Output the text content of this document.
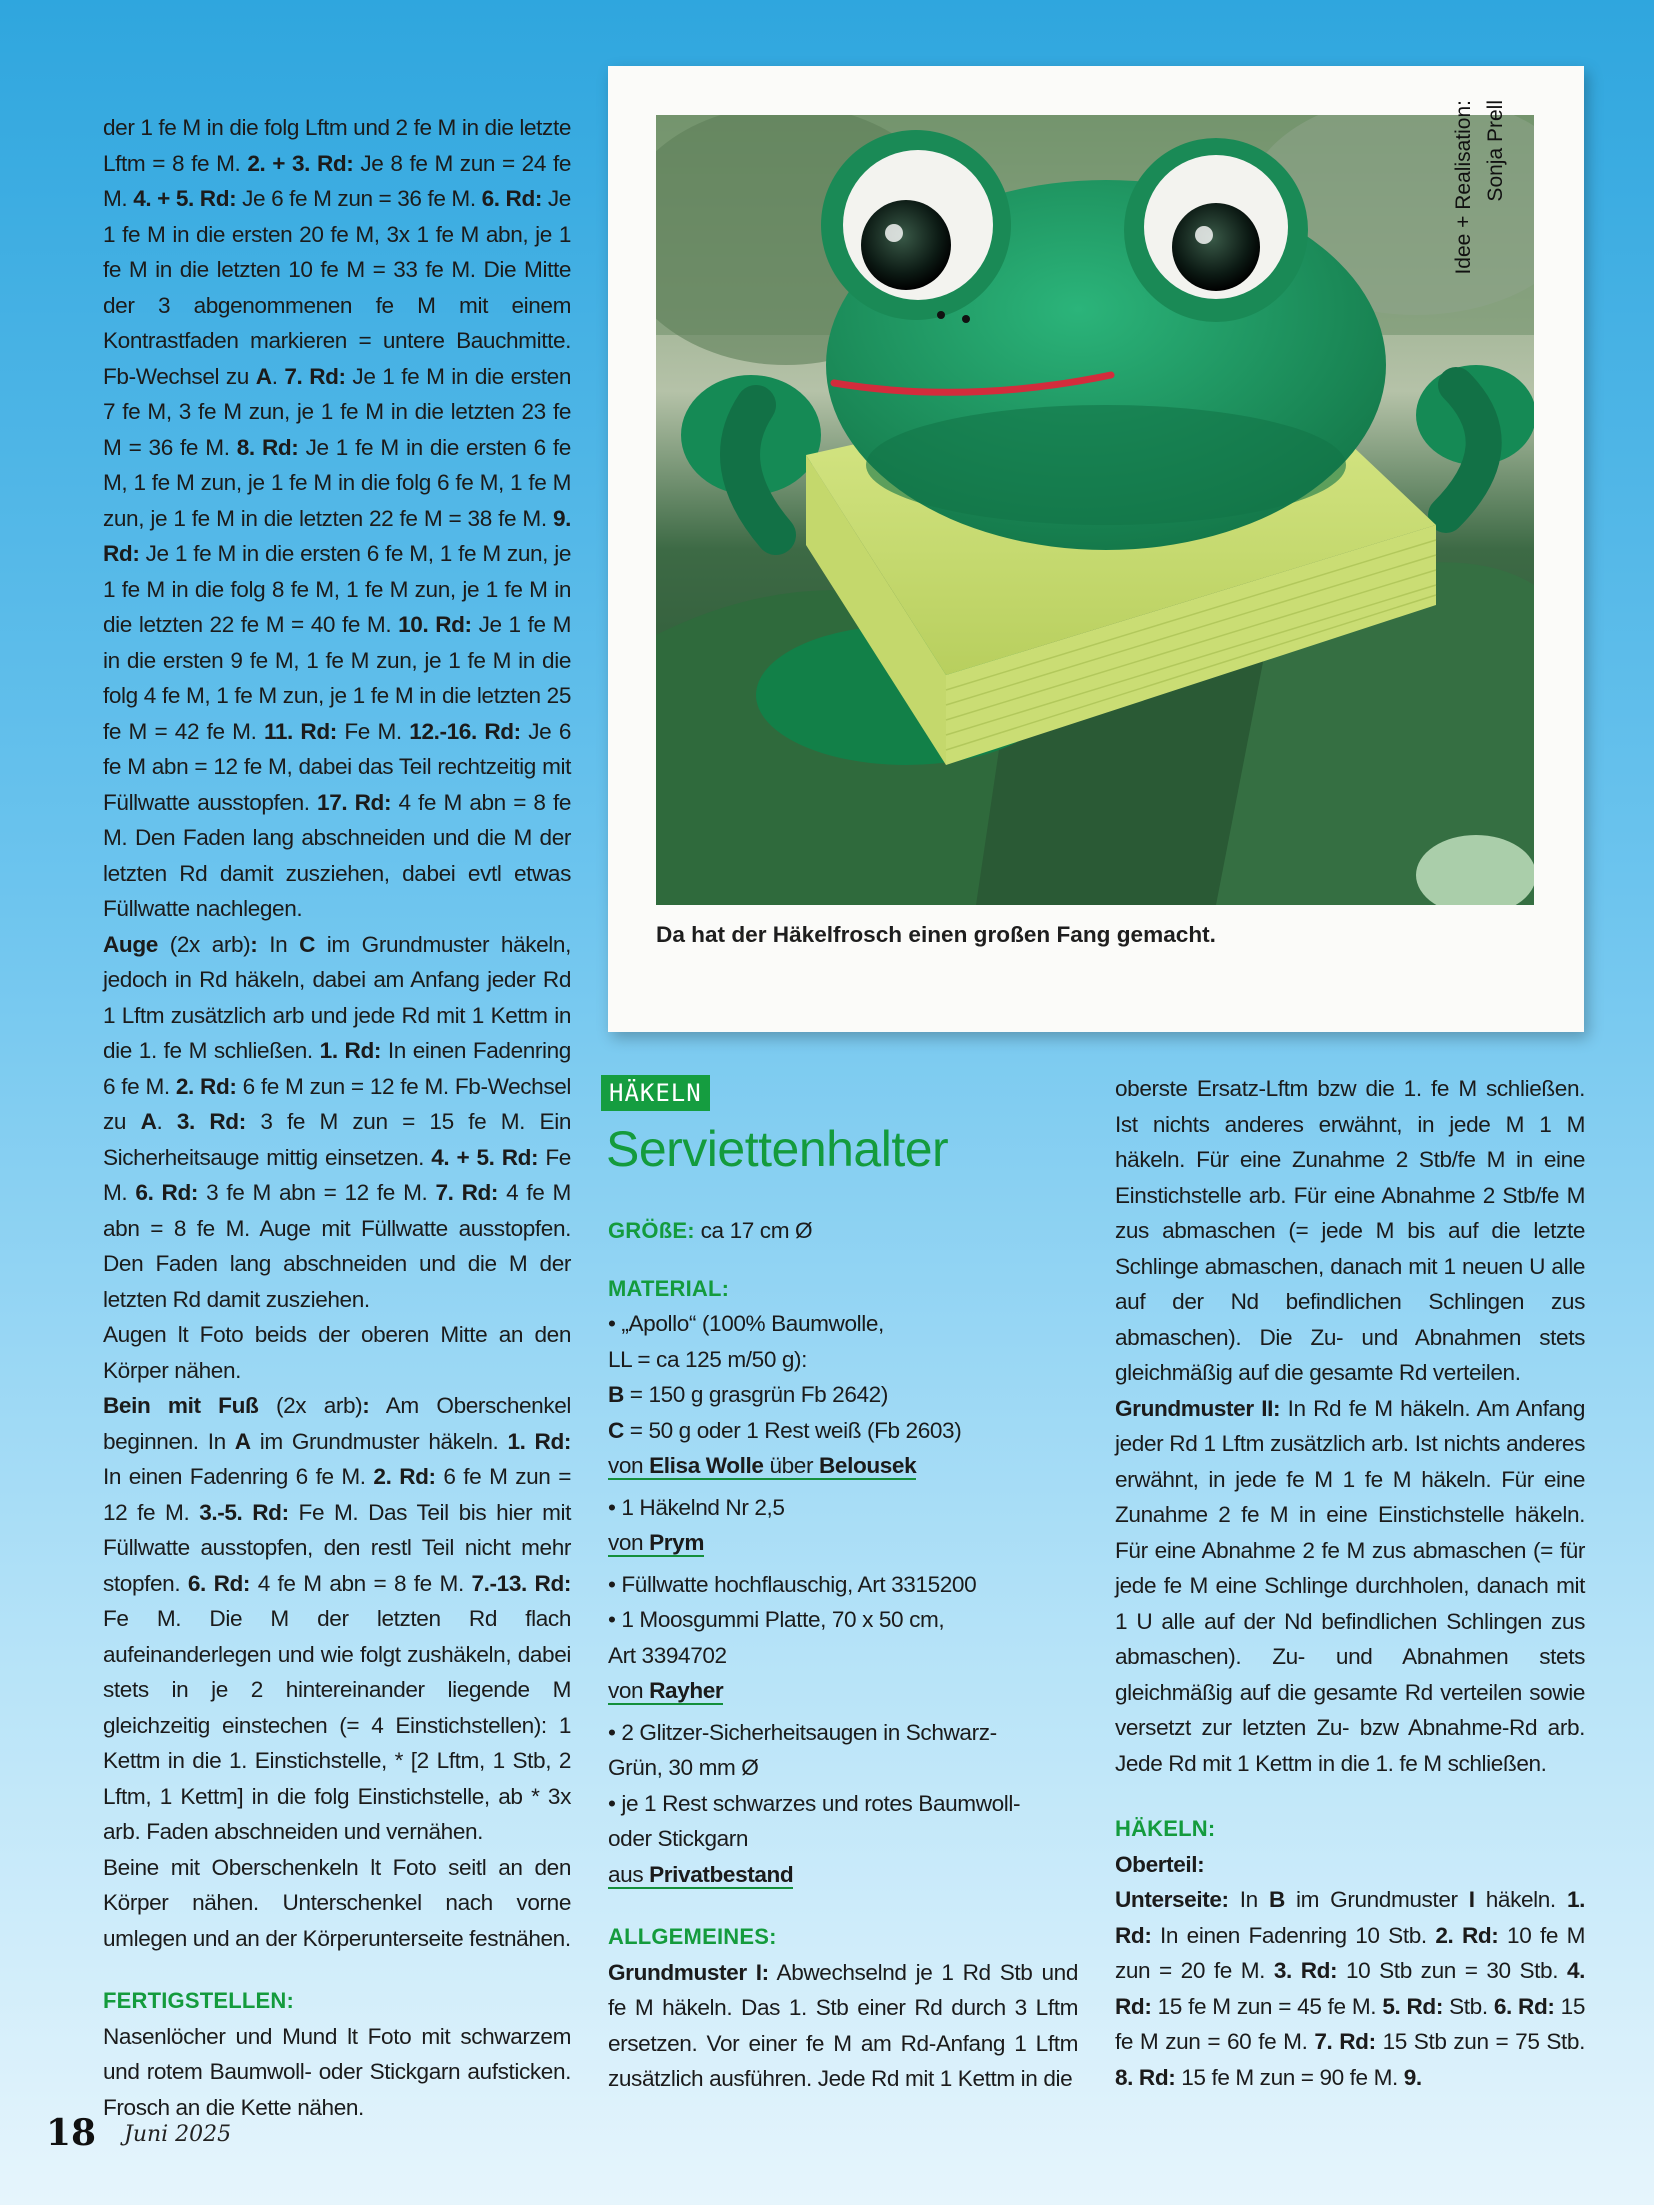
der 1 fe M in die folg Lftm und 2 fe M in die letzte Lftm = 8 fe M. 2. + 3. Rd: Je 8 fe M zun = 24 fe M. 4. + 5. Rd: Je 6 fe M zun = 36 fe M. 6. Rd: Je 1 fe M in die ersten 20 fe M, 3x 1 fe M abn, je 1 fe M in die letzten 10 fe M = 33 fe M. Die Mitte der 3 abgenommenen fe M mit einem Kontrastfaden markieren = untere Bauchmitte. Fb-Wechsel zu A. 7. Rd: Je 1 fe M in die ersten 7 fe M, 3 fe M zun, je 1 fe M in die letzten 23 fe M = 36 fe M. 8. Rd: Je 1 fe M in die ersten 6 fe M, 1 fe M zun, je 1 fe M in die folg 6 fe M, 1 fe M zun, je 1 fe M in die letzten 22 fe M = 38 fe M. 9. Rd: Je 1 fe M in die ersten 6 fe M, 1 fe M zun, je 1 fe M in die folg 8 fe M, 1 fe M zun, je 1 fe M in die letzten 22 fe M = 40 fe M. 10. Rd: Je 1 fe M in die ersten 9 fe M, 1 fe M zun, je 1 fe M in die folg 4 fe M, 1 fe M zun, je 1 fe M in die letzten 25 fe M = 42 fe M. 11. Rd: Fe M. 12.-16. Rd: Je 6 fe M abn = 12 fe M, dabei das Teil rechtzeitig mit Füllwatte ausstopfen. 17. Rd: 4 fe M abn = 8 fe M. Den Faden lang abschneiden und die M der letzten Rd damit zusziehen, dabei evtl etwas Füllwatte nachlegen.

Auge (2x arb): In C im Grundmuster häkeln, jedoch in Rd häkeln, dabei am Anfang jeder Rd 1 Lftm zusätzlich arb und jede Rd mit 1 Kettm in die 1. fe M schließen. 1. Rd: In einen Fadenring 6 fe M. 2. Rd: 6 fe M zun = 12 fe M. Fb-Wechsel zu A. 3. Rd: 3 fe M zun = 15 fe M. Ein Sicherheitsauge mittig einsetzen. 4. + 5. Rd: Fe M. 6. Rd: 3 fe M abn = 12 fe M. 7. Rd: 4 fe M abn = 8 fe M. Auge mit Füllwatte ausstopfen. Den Faden lang abschneiden und die M der letzten Rd damit zusziehen.

Augen lt Foto beids der oberen Mitte an den Körper nähen.

Bein mit Fuß (2x arb): Am Oberschenkel beginnen. In A im Grundmuster häkeln. 1. Rd: In einen Fadenring 6 fe M. 2. Rd: 6 fe M zun = 12 fe M. 3.-5. Rd: Fe M. Das Teil bis hier mit Füllwatte ausstopfen, den restl Teil nicht mehr stopfen. 6. Rd: 4 fe M abn = 8 fe M. 7.-13. Rd: Fe M. Die M der letzten Rd flach aufeinanderlegen und wie folgt zushäkeln, dabei stets in je 2 hintereinander liegende M gleichzeitig einstechen (= 4 Einstichstellen): 1 Kettm in die 1. Einstichstelle, * [2 Lftm, 1 Stb, 2 Lftm, 1 Kettm] in die folg Einstichstelle, ab * 3x arb. Faden abschneiden und vernähen.

Beine mit Oberschenkeln lt Foto seitl an den Körper nähen. Unterschenkel nach vorne umlegen und an der Körperunterseite festnähen.

FERTIGSTELLEN:

Nasenlöcher und Mund lt Foto mit schwarzem und rotem Baumwoll- oder Stickgarn aufsticken. Frosch an die Kette nähen.

Idee + Realisation: Sonja Prell
Da hat der Häkelfrosch einen großen Fang gemacht.
HÄKELN
Serviettenhalter

GRÖßE: ca 17 cm Ø

MATERIAL:

• „Apollo“ (100% Baumwolle,

LL = ca 125 m/50 g):

B = 150 g grasgrün Fb 2642)

C = 50 g oder 1 Rest weiß (Fb 2603)

von Elisa Wolle über Belousek

• 1 Häkelnd Nr 2,5

von Prym

• Füllwatte hochflauschig, Art 3315200

• 1 Moosgummi Platte, 70 x 50 cm,

Art 3394702

von Rayher

• 2 Glitzer-Sicherheitsaugen in Schwarz-

Grün, 30 mm Ø

• je 1 Rest schwarzes und rotes Baumwoll-

oder Stickgarn

aus Privatbestand

ALLGEMEINES:

Grundmuster I: Abwechselnd je 1 Rd Stb und fe M häkeln. Das 1. Stb einer Rd durch 3 Lftm ersetzen. Vor einer fe M am Rd-Anfang 1 Lftm zusätzlich ausführen. Jede Rd mit 1 Kettm in die

oberste Ersatz-Lftm bzw die 1. fe M schließen. Ist nichts anderes erwähnt, in jede M 1 M häkeln. Für eine Zunahme 2 Stb/fe M in eine Einstichstelle arb. Für eine Abnahme 2 Stb/fe M zus abmaschen (= jede M bis auf die letzte Schlinge abmaschen, danach mit 1 neuen U alle auf der Nd befindlichen Schlingen zus abmaschen). Die Zu- und Abnahmen stets gleichmäßig auf die gesamte Rd verteilen.

Grundmuster II: In Rd fe M häkeln. Am Anfang jeder Rd 1 Lftm zusätzlich arb. Ist nichts anderes erwähnt, in jede fe M 1 fe M häkeln. Für eine Zunahme 2 fe M in eine Einstichstelle häkeln. Für eine Abnahme 2 fe M zus abmaschen (= für jede fe M eine Schlinge durchholen, danach mit 1 U alle auf der Nd befindlichen Schlingen zus abmaschen). Zu- und Abnahmen stets gleichmäßig auf die gesamte Rd verteilen sowie versetzt zur letzten Zu- bzw Abnahme-Rd arb. Jede Rd mit 1 Kettm in die 1. fe M schließen.

HÄKELN:

Oberteil:

Unterseite: In B im Grundmuster I häkeln. 1. Rd: In einen Fadenring 10 Stb. 2. Rd: 10 fe M zun = 20 fe M. 3. Rd: 10 Stb zun = 30 Stb. 4. Rd: 15 fe M zun = 45 fe M. 5. Rd: Stb. 6. Rd: 15 fe M zun = 60 fe M. 7. Rd: 15 Stb zun = 75 Stb. 8. Rd: 15 fe M zun = 90 fe M. 9.

18 Juni 2025
